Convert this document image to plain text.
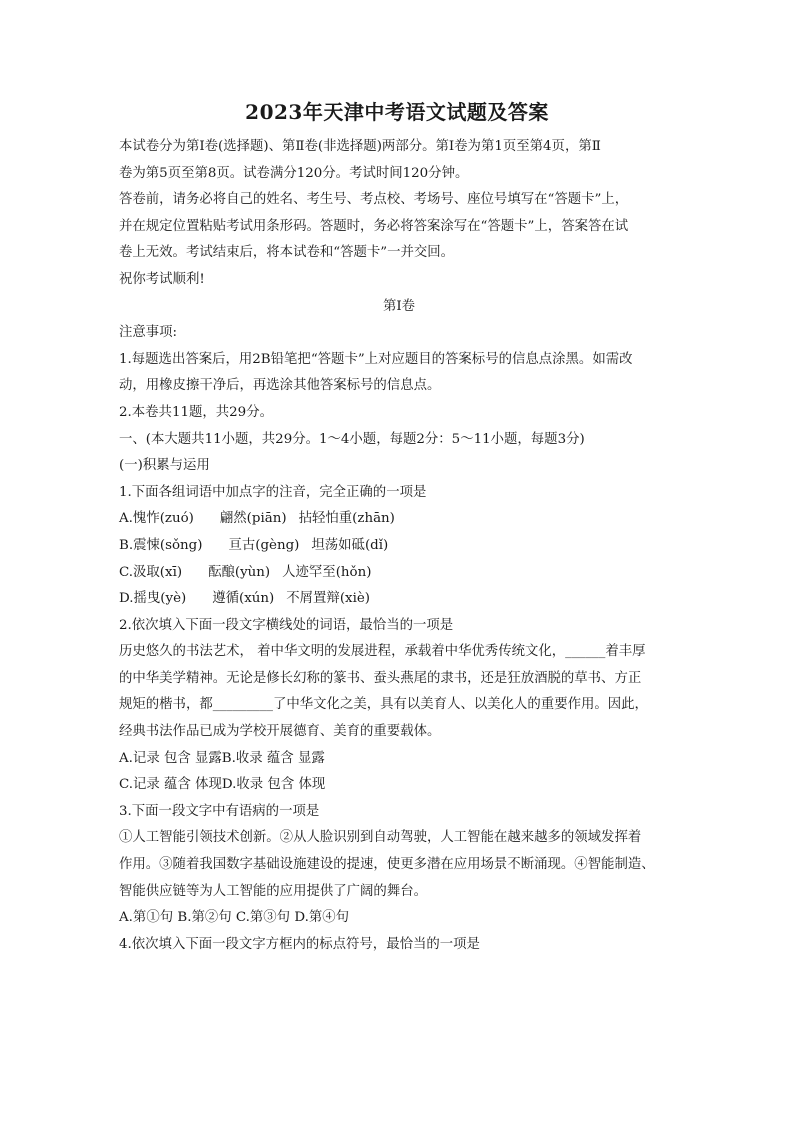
2023年天津中考语文试题及答案

本试卷分为第Ⅰ卷(选择题)、第Ⅱ卷(非选择题)两部分。第Ⅰ卷为第1页至第4页，第Ⅱ

卷为第5页至第8页。试卷满分120分。考试时间120分钟。

答卷前，请务必将自己的姓名、考生号、考点校、考场号、座位号填写在“答题卡”上，

并在规定位置粘贴考试用条形码。答题时，务必将答案涂写在“答题卡”上，答案答在试

卷上无效。考试结束后，将本试卷和“答题卡”一并交回。

祝你考试顺利!

第Ⅰ卷

注意事项:

1.每题选出答案后，用2B铅笔把“答题卡”上对应题目的答案标号的信息点涂黑。如需改

动，用橡皮擦干净后，再选涂其他答案标号的信息点。

2.本卷共11题，共29分。

一、(本大题共11小题，共29分。1～4小题，每题2分：5～11小题，每题3分)

(一)积累与运用

1.下面各组词语中加点字的注音，完全正确的一项是

A.愧怍(zuó) 翩然(piān) 拈轻怕重(zhān)

B.震悚(sǒng) 亘古(gèng) 坦荡如砥(dǐ)

C.汲取(xī) 酝酿(yùn) 人迹罕至(hǒn)

D.摇曳(yè) 遵循(xún) 不屑置辩(xiè)

2.依次填入下面一段文字横线处的词语，最恰当的一项是

历史悠久的书法艺术， 着中华文明的发展进程，承载着中华优秀传统文化，______着丰厚

的中华美学精神。无论是修长幻称的篆书、蚕头燕尾的隶书，还是狂放酒脱的草书、方正

规矩的楷书，都_________了中华文化之美，具有以美育人、以美化人的重要作用。因此，

经典书法作品已成为学校开展德育、美育的重要载体。

A.记录 包含 显露B.收录 蕴含 显露

C.记录 蕴含 体现D.收录 包含 体现

3.下面一段文字中有语病的一项是

①人工智能引领技术创新。②从人脸识别到自动驾驶，人工智能在越来越多的领域发挥着

作用。③随着我国数字基础设施建设的提速，使更多潜在应用场景不断涌现。④智能制造、

智能供应链等为人工智能的应用提供了广阔的舞台。

A.第①句 B.第②句 C.第③句 D.第④句

4.依次填入下面一段文字方框内的标点符号，最恰当的一项是
